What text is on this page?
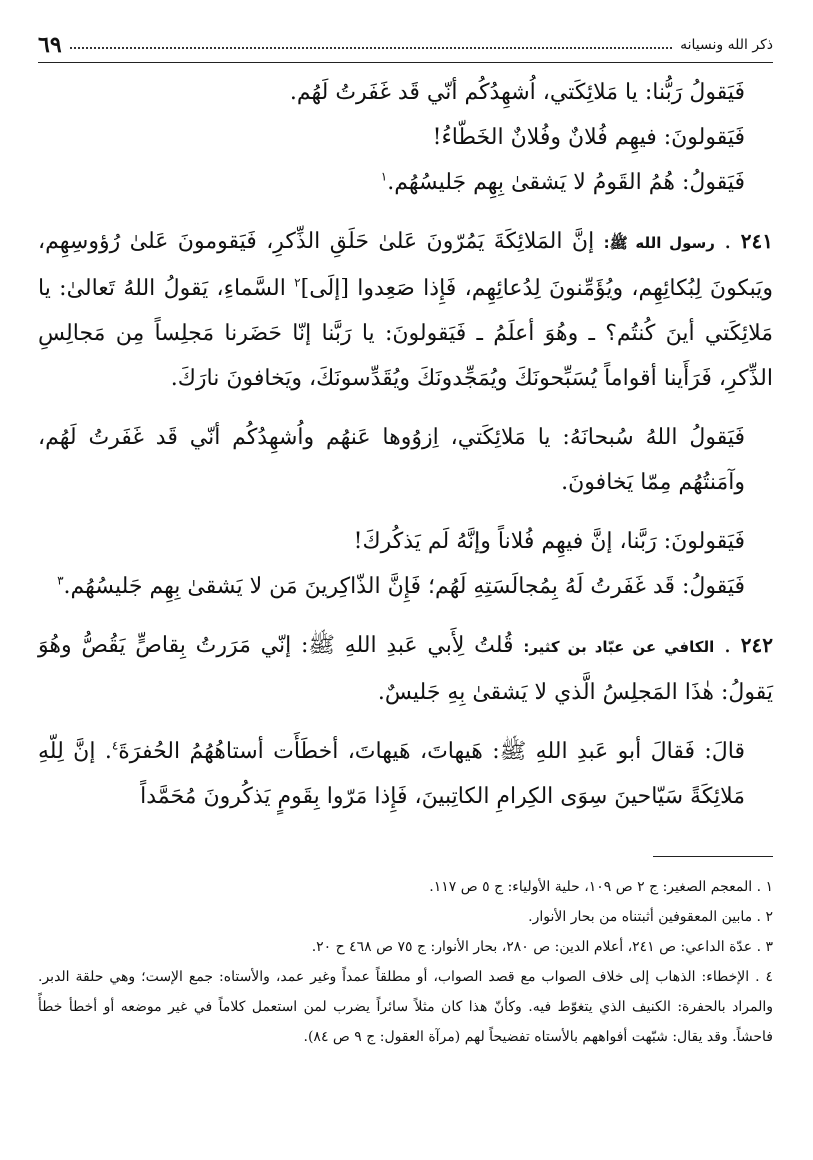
ذكر الله ونسيانه
٦٩

فَيَقولُ رَبُّنا: يا مَلائِكَتي، اُشهِدُكُم أنّي قَد غَفَرتُ لَهُم.

فَيَقولونَ: فيهِم فُلانٌ وفُلانٌ الخَطّاءُ!

فَيَقولُ: هُمُ القَومُ لا يَشقىٰ بِهِم جَليسُهُم.$^١$

٢٤١ . رسول الله ﷺ: إنَّ المَلائِكَةَ يَمُرّونَ عَلىٰ حَلَقِ الذِّكرِ، فَيَقومونَ عَلىٰ رُؤوسِهِم، ويَبكونَ لِبُكائِهِم، ويُؤَمِّنونَ لِدُعائِهِم، فَإِذا صَعِدوا [إلَى]$^٢$ السَّماءِ، يَقولُ اللهُ تَعالىٰ: يا مَلائِكَتي أينَ كُنتُم؟ ـ وهُوَ أعلَمُ ـ فَيَقولونَ: يا رَبَّنا إنّا حَضَرنا مَجلِساً مِن مَجالِسِ الذِّكرِ، فَرَأَينا أقواماً يُسَبِّحونَكَ ويُمَجِّدونَكَ ويُقَدِّسونَكَ، ويَخافونَ نارَكَ.

فَيَقولُ اللهُ سُبحانَهُ: يا مَلائِكَتي، اِزوُوها عَنهُم واُشهِدُكُم أنّي قَد غَفَرتُ لَهُم، وآمَنتُهُم مِمّا يَخافونَ.

فَيَقولونَ: رَبَّنا، إنَّ فيهِم فُلاناً وإنَّهُ لَم يَذكُركَ!

فَيَقولُ: قَد غَفَرتُ لَهُ بِمُجالَسَتِهِ لَهُم؛ فَإِنَّ الذّاكِرينَ مَن لا يَشقىٰ بِهِم جَليسُهُم.$^٣$

٢٤٢ . الكافي عن عبّاد بن كثير: قُلتُ لِأَبي عَبدِ اللهِ ﷺ: إنّي مَرَرتُ بِقاصٍّ يَقُصُّ وهُوَ يَقولُ: هٰذَا المَجلِسُ الَّذي لا يَشقىٰ بِهِ جَليسٌ.

قالَ: فَقالَ أبو عَبدِ اللهِ ﷺ: هَيهاتَ، هَيهاتَ، أخطَأَت أستاهُهُمُ الحُفرَةَ$^٤$. إنَّ لِلّهِ مَلائِكَةً سَيّاحينَ سِوَى الكِرامِ الكاتِبينَ، فَإِذا مَرّوا بِقَومٍ يَذكُرونَ مُحَمَّداً

١ . المعجم الصغير: ج ٢ ص ١٠٩، حلية الأولياء: ج ٥ ص ١١٧.

٢ . مابين المعقوفين أثبتناه من بحار الأنوار.

٣ . عدّة الداعي: ص ٢٤١، أعلام الدين: ص ٢٨٠، بحار الأنوار: ج ٧٥ ص ٤٦٨ ح ٢٠.

٤ . الإخطاء: الذهاب إلى خلاف الصواب مع قصد الصواب، أو مطلقاً عمداً وغير عمد، والأستاه: جمع الإست؛ وهي حلقة الدبر. والمراد بالحفرة: الكنيف الذي يتغوّط فيه. وكأنّ هذا كان مثلاً سائراً يضرب لمن استعمل كلاماً في غير موضعه أو أخطأ خطأً فاحشاً. وقد يقال: شبّهت أفواههم بالأستاه تفضيحاً لهم (مرآة العقول: ج ٩ ص ٨٤).
